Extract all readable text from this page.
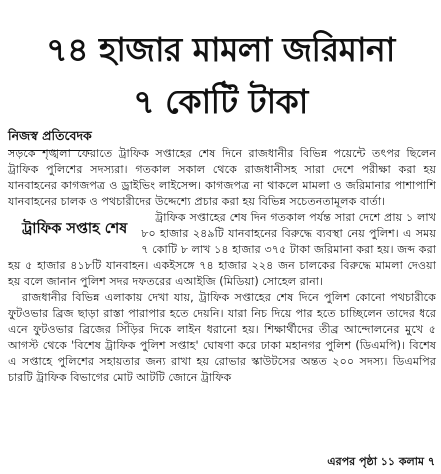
৭৪ হাজার মামলা জরিমানা
৭ কোটি টাকা
নিজস্ব প্রতিবেদক

সড়কে শৃঙ্খলা ফেরাতে ট্রাফিক সপ্তাহের শেষ দিনে রাজধানীর বিভিন্ন পয়েন্টে তৎপর ছিলেন ট্রাফিক পুলিশের সদস্যরা। গতকাল সকাল থেকে রাজধানীসহ সারা দেশে পরীক্ষা করা হয় যানবাহনের কাগজপত্র ও ড্রাইভিং লাইসেন্স। কাগজপত্র না থাকলে মামলা ও জরিমানার পাশাপাশি যানবাহনের চালক ও পথচারীদের উদ্দেশ্যে প্রচার করা হয় বিভিন্ন সচেতনতামূলক বার্তা।

ট্রাফিক সপ্তাহ শেষ
ট্রাফিক সপ্তাহের শেষ দিন গতকাল পর্যন্ত সারা দেশে প্রায় ১ লাখ ৮০ হাজার ২৪৯টি যানবাহনের বিরুদ্ধে ব্যবস্থা নেয় পুলিশ। এ সময় ৭ কোটি ৮ লাখ ১৪ হাজার ৩৭৫ টাকা জরিমানা করা হয়। জব্দ করা হয় ৫ হাজার ৪১৮টি যানবাহন। একইসঙ্গে ৭৪ হাজার ২২৪ জন চালকের বিরুদ্ধে মামলা দেওয়া হয় বলে জানান পুলিশ সদর দফতরের এআইজি (মিডিয়া) সোহেল রানা।

রাজধানীর বিভিন্ন এলাকায় দেখা যায়, ট্রাফিক সপ্তাহের শেষ দিনে পুলিশ কোনো পথচারীকে ফুটওভার ব্রিজ ছাড়া রাস্তা পারাপার হতে দেয়নি। যারা নিচ দিয়ে পার হতে চাচ্ছিলেন তাদের ধরে এনে ফুটওভার ব্রিজের সিঁড়ির দিকে লাইন ধরানো হয়। শিক্ষার্থীদের তীব্র আন্দোলনের মুখে ৫ আগস্ট থেকে 'বিশেষ ট্রাফিক পুলিশ সপ্তাহ' ঘোষণা করে ঢাকা মহানগর পুলিশ (ডিএমপি)। বিশেষ এ সপ্তাহে পুলিশের সহায়তার জন্য রাখা হয় রোভার স্কাউটসের অন্তত ২০০ সদস্য। ডিএমপির চারটি ট্রাফিক বিভাগের মোট আটটি জোনে ট্রাফিক

এরপর পৃষ্ঠা ১১ কলাম ৭
